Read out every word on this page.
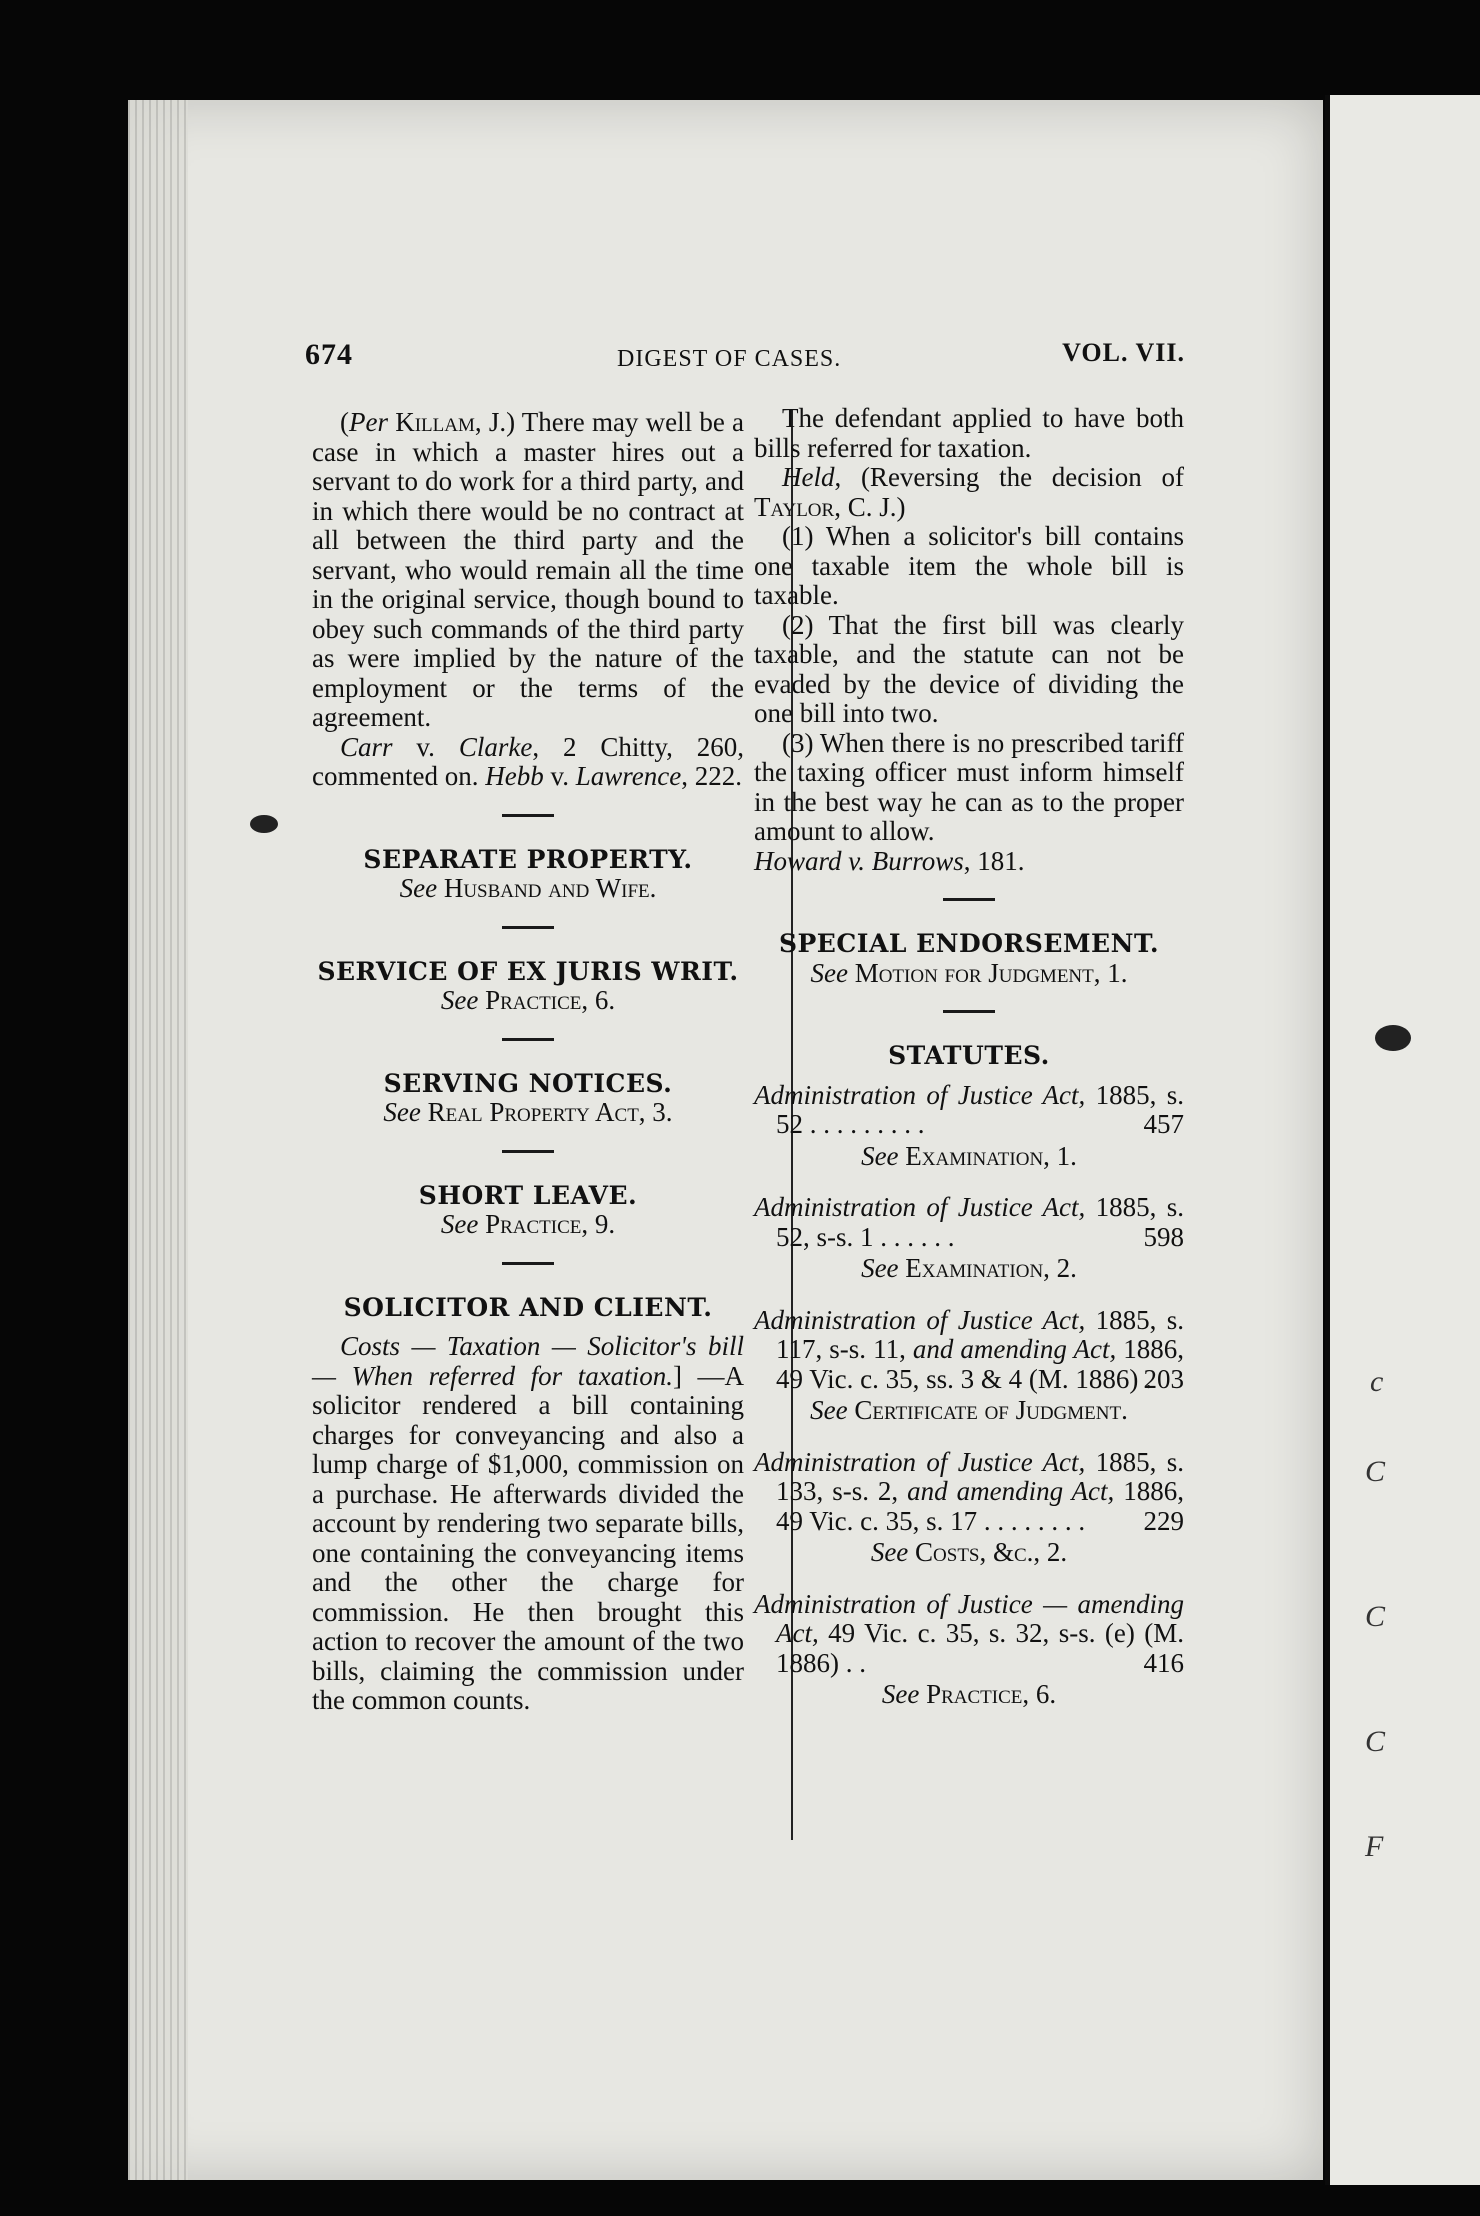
c
C
C
C
F
674	DIGEST OF CASES.	VOL. VII.

(Per Killam, J.) There may well be a case in which a master hires out a servant to do work for a third party, and in which there would be no contract at all between the third party and the servant, who would remain all the time in the original service, though bound to obey such commands of the third party as were implied by the nature of the employment or the terms of the agreement.

Carr v. Clarke, 2 Chitty, 260, commented on. Hebb v. Lawrence, 222.

SEPARATE PROPERTY.

See Husband and Wife.

SERVICE OF EX JURIS WRIT.

See Practice, 6.

SERVING NOTICES.

See Real Property Act, 3.

SHORT LEAVE.

See Practice, 9.

SOLICITOR AND CLIENT.

Costs — Taxation — Solicitor's bill— When referred for taxation.] —A solicitor rendered a bill containing charges for conveyancing and also a lump charge of $1,000, commission on a purchase. He afterwards divided the account by rendering two separate bills, one containing the conveyancing items and the other the charge for commission. He then brought this action to recover the amount of the two bills, claiming the commission under the common counts.

The defendant applied to have both bills referred for taxation.

Held, (Reversing the decision of Taylor, C. J.)

(1) When a solicitor's bill contains one taxable item the whole bill is taxable.

(2) That the first bill was clearly taxable, and the statute can not be evaded by the device of dividing the one bill into two.

(3) When there is no prescribed tariff the taxing officer must inform himself in the best way he can as to the proper amount to allow.

Howard v. Burrows, 181.

SPECIAL ENDORSEMENT.

See Motion for Judgment, 1.

STATUTES.

Administration of Justice Act, 1885, s. 52 . . . . . . . . .	457

See Examination, 1.

Administration of Justice Act, 1885, s. 52, s-s. 1 . . . . . .	598

See Examination, 2.

Administration of Justice Act, 1885, s. 117, s-s. 11, and amending Act, 1886, 49 Vic. c. 35, ss. 3 & 4 (M. 1886) .
203

See Certificate of Judgment.

Administration of Justice Act, 1885, s. 133, s-s. 2, and amending Act, 1886, 49 Vic. c. 35, s. 17 . . . . . . . . 229

See Costs, &c., 2.

Administration of Justice — amending Act, 49 Vic. c. 35, s. 32, s-s. (e) (M. 1886) . .	416

See Practice, 6.
